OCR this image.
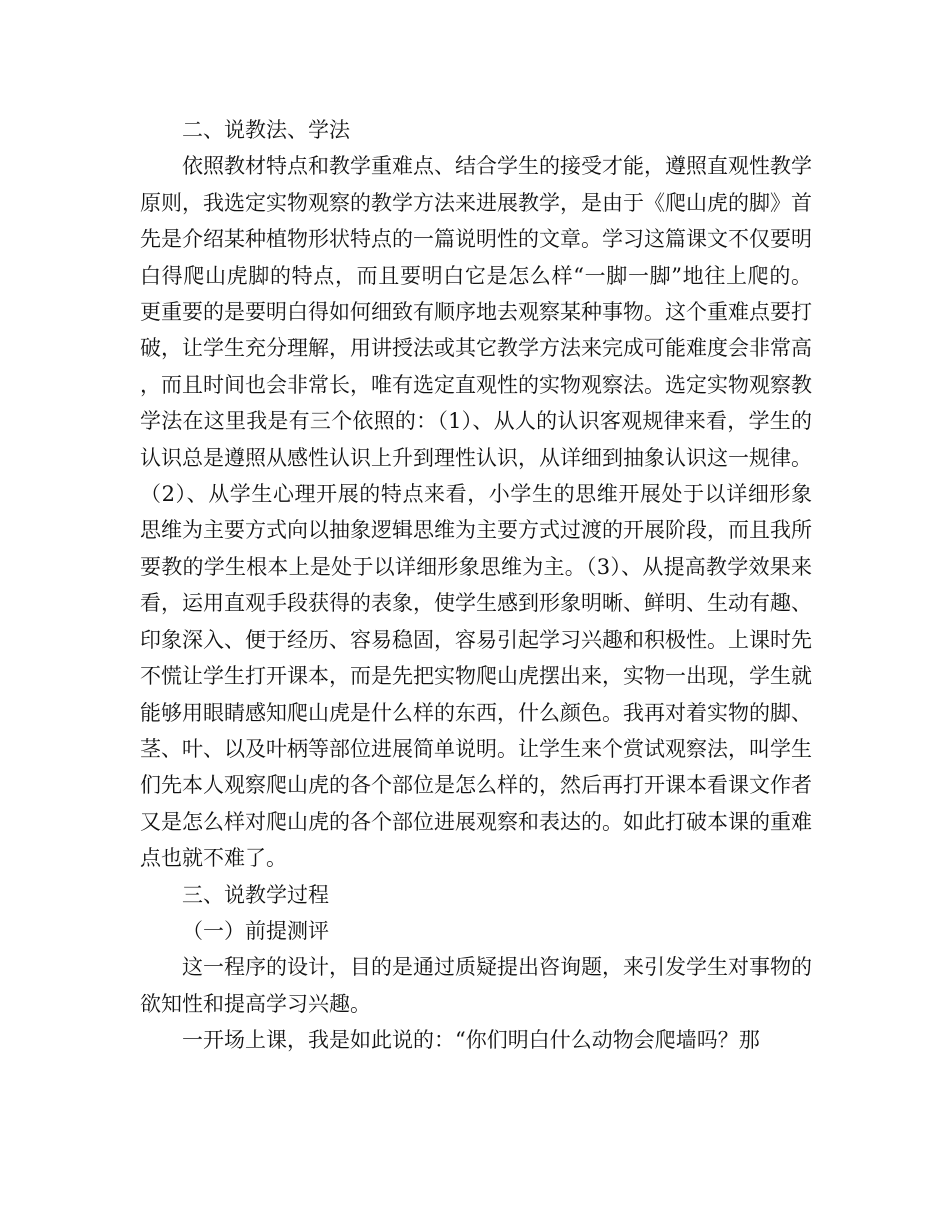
二、说教法、学法

依照教材特点和教学重难点、结合学生的接受才能，遵照直观性教学原则，我选定实物观察的教学方法来进展教学，是由于《爬山虎的脚》首先是介绍某种植物形状特点的一篇说明性的文章。学习这篇课文不仅要明白得爬山虎脚的特点，而且要明白它是怎么样“一脚一脚”地往上爬的。更重要的是要明白得如何细致有顺序地去观察某种事物。这个重难点要打破，让学生充分理解，用讲授法或其它教学方法来完成可能难度会非常高，而且时间也会非常长，唯有选定直观性的实物观察法。选定实物观察教学法在这里我是有三个依照的：（1）、从人的认识客观规律来看，学生的认识总是遵照从感性认识上升到理性认识，从详细到抽象认识这一规律。（2）、从学生心理开展的特点来看，小学生的思维开展处于以详细形象思维为主要方式向以抽象逻辑思维为主要方式过渡的开展阶段，而且我所要教的学生根本上是处于以详细形象思维为主。（3）、从提高教学效果来看，运用直观手段获得的表象，使学生感到形象明晰、鲜明、生动有趣、印象深入、便于经历、容易稳固，容易引起学习兴趣和积极性。上课时先不慌让学生打开课本，而是先把实物爬山虎摆出来，实物一出现，学生就能够用眼睛感知爬山虎是什么样的东西，什么颜色。我再对着实物的脚、茎、叶、以及叶柄等部位进展简单说明。让学生来个赏试观察法，叫学生们先本人观察爬山虎的各个部位是怎么样的，然后再打开课本看课文作者又是怎么样对爬山虎的各个部位进展观察和表达的。如此打破本课的重难点也就不难了。

三、说教学过程

（一）前提测评

这一程序的设计，目的是通过质疑提出咨询题，来引发学生对事物的欲知性和提高学习兴趣。

一开场上课，我是如此说的：“你们明白什么动物会爬墙吗？那
